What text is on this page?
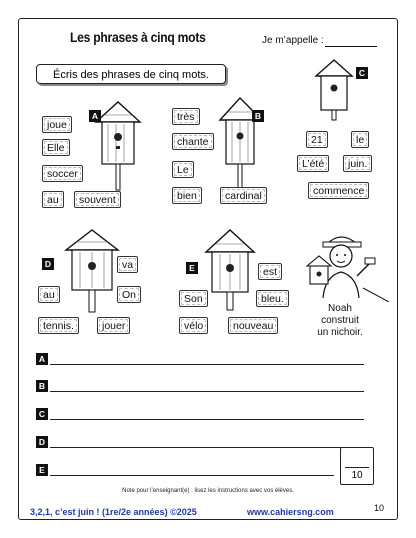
Les phrases à cinq mots	Je m’appelle :
Écris des phrases de cinq mots.
Noah
construit
un nichoir.
joue
Elle
soccer
au	souvent
A	très
chante
Le
bien	cardinal
B
C
21	le
L’été	juin.
commence
D	va
au	On
tennis.	jouer
E	est
Son	bleu.
vélo	nouveau
A
B
C
D
E	10
Note pour l’enseignant(e) : lisez les instructions avec vos élèves.
3,2,1, c’est juin ! (1re/2e années) ©2025	www.cahiersng.com	10
